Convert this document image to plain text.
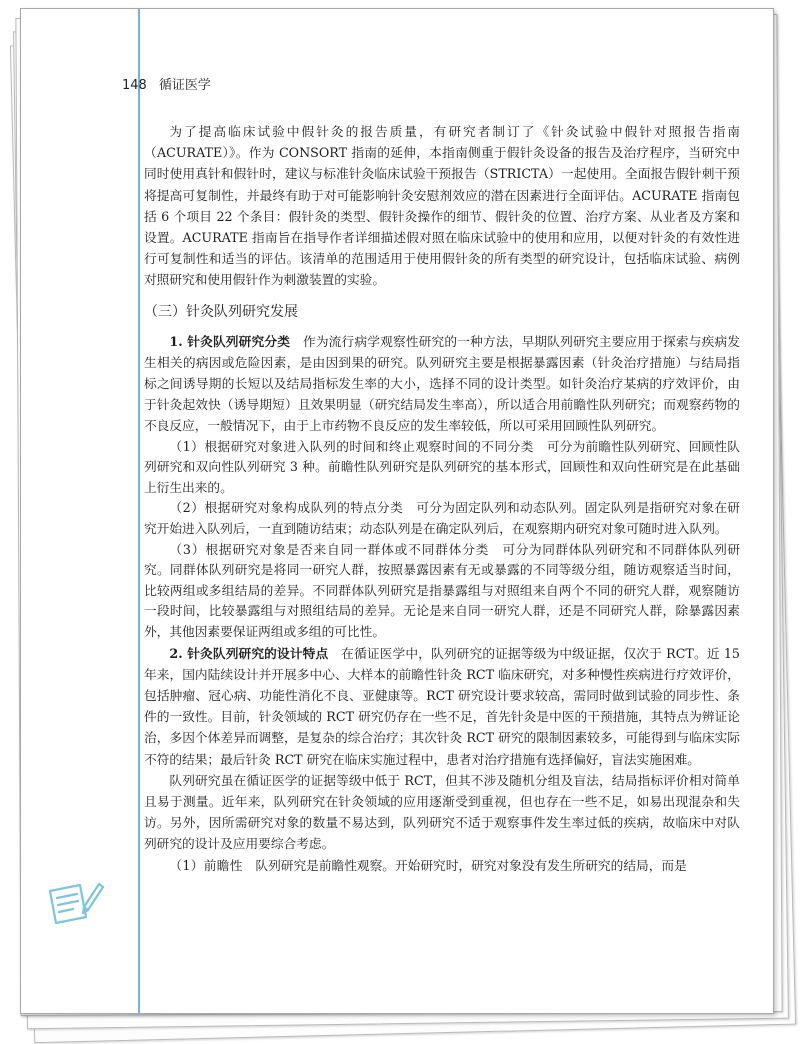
148 循证医学

为了提高临床试验中假针灸的报告质量，有研究者制订了《针灸试验中假针对照报告指南（ACURATE）》。作为 CONSORT 指南的延伸，本指南侧重于假针灸设备的报告及治疗程序，当研究中同时使用真针和假针时，建议与标准针灸临床试验干预报告（STRICTA）一起使用。全面报告假针刺干预将提高可复制性，并最终有助于对可能影响针灸安慰剂效应的潜在因素进行全面评估。ACURATE 指南包括 6 个项目 22 个条目：假针灸的类型、假针灸操作的细节、假针灸的位置、治疗方案、从业者及方案和设置。ACURATE 指南旨在指导作者详细描述假对照在临床试验中的使用和应用，以便对针灸的有效性进行可复制性和适当的评估。该清单的范围适用于使用假针灸的所有类型的研究设计，包括临床试验、病例对照研究和使用假针作为刺激装置的实验。

（三）针灸队列研究发展

1. 针灸队列研究分类　 作为流行病学观察性研究的一种方法，早期队列研究主要应用于探索与疾病发生相关的病因或危险因素，是由因到果的研究。队列研究主要是根据暴露因素（针灸治疗措施）与结局指标之间诱导期的长短以及结局指标发生率的大小，选择不同的设计类型。如针灸治疗某病的疗效评价，由于针灸起效快（诱导期短）且效果明显（研究结局发生率高），所以适合用前瞻性队列研究；而观察药物的不良反应，一般情况下，由于上市药物不良反应的发生率较低，所以可采用回顾性队列研究。

（1）根据研究对象进入队列的时间和终止观察时间的不同分类　 可分为前瞻性队列研究、回顾性队列研究和双向性队列研究 3 种。前瞻性队列研究是队列研究的基本形式，回顾性和双向性研究是在此基础上衍生出来的。

（2）根据研究对象构成队列的特点分类　 可分为固定队列和动态队列。固定队列是指研究对象在研究开始进入队列后，一直到随访结束；动态队列是在确定队列后，在观察期内研究对象可随时进入队列。

（3）根据研究对象是否来自同一群体或不同群体分类　 可分为同群体队列研究和不同群体队列研究。同群体队列研究是将同一研究人群，按照暴露因素有无或暴露的不同等级分组，随访观察适当时间，比较两组或多组结局的差异。不同群体队列研究是指暴露组与对照组来自两个不同的研究人群，观察随访一段时间，比较暴露组与对照组结局的差异。无论是来自同一研究人群，还是不同研究人群，除暴露因素外，其他因素要保证两组或多组的可比性。

2. 针灸队列研究的设计特点　 在循证医学中，队列研究的证据等级为中级证据，仅次于 RCT。近 15 年来，国内陆续设计并开展多中心、大样本的前瞻性针灸 RCT 临床研究，对多种慢性疾病进行疗效评价，包括肿瘤、冠心病、功能性消化不良、亚健康等。RCT 研究设计要求较高，需同时做到试验的同步性、条件的一致性。目前，针灸领域的 RCT 研究仍存在一些不足，首先针灸是中医的干预措施，其特点为辨证论治，多因个体差异而调整，是复杂的综合治疗；其次针灸 RCT 研究的限制因素较多，可能得到与临床实际不符的结果；最后针灸 RCT 研究在临床实施过程中，患者对治疗措施有选择偏好，盲法实施困难。

队列研究虽在循证医学的证据等级中低于 RCT，但其不涉及随机分组及盲法，结局指标评价相对简单且易于测量。近年来，队列研究在针灸领域的应用逐渐受到重视，但也存在一些不足，如易出现混杂和失访。另外，因所需研究对象的数量不易达到，队列研究不适于观察事件发生率过低的疾病，故临床中对队列研究的设计及应用要综合考虑。

（1）前瞻性　 队列研究是前瞻性观察。开始研究时，研究对象没有发生所研究的结局，而是
